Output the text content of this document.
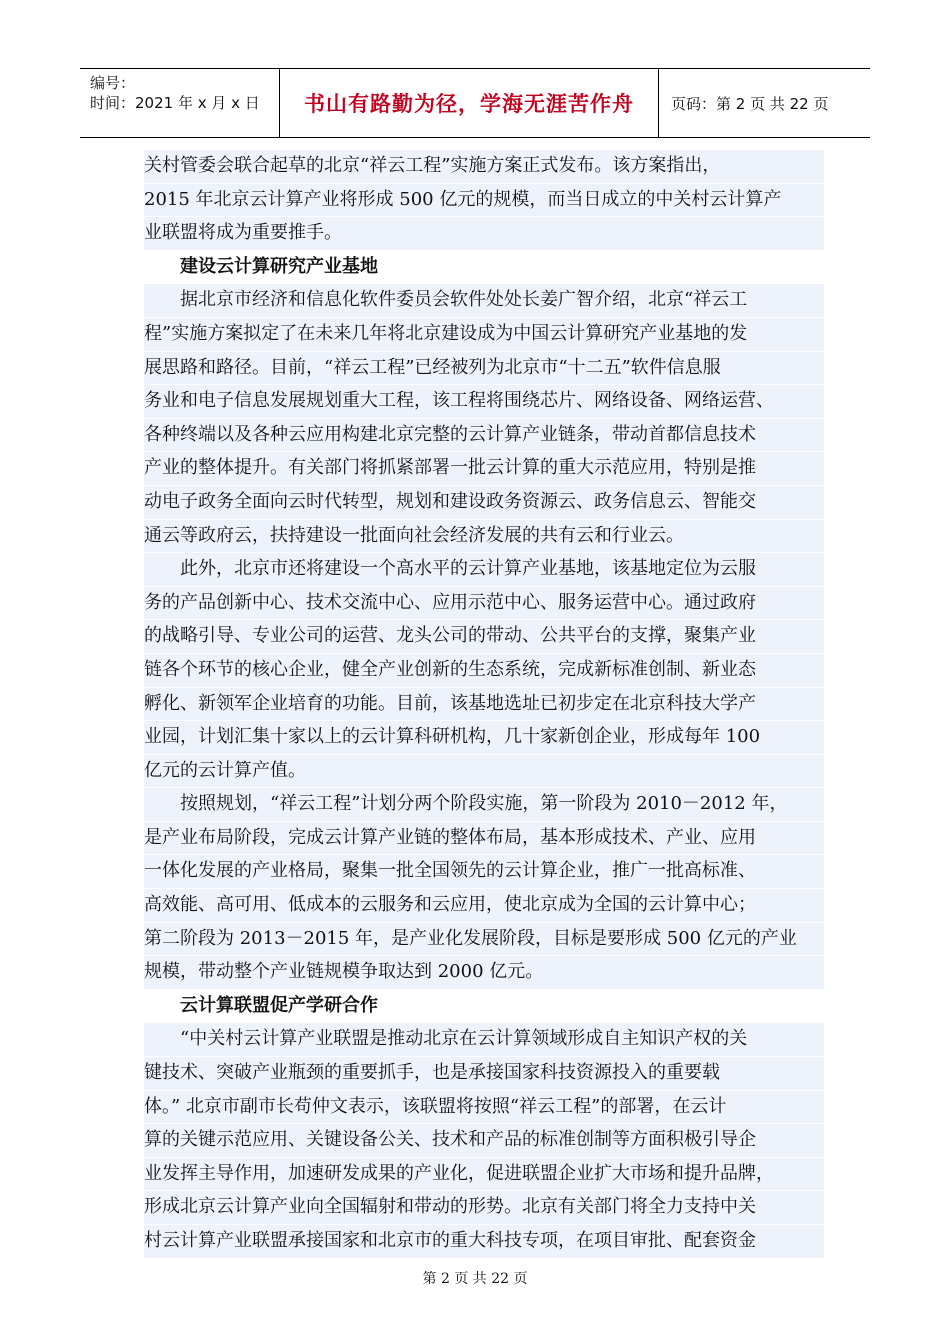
编号：
时间：2021 年 x 月 x 日	书山有路勤为径，学海无涯苦作舟	页码：第 2 页 共 22 页
关村管委会联合起草的北京“祥云工程”实施方案正式发布。该方案指出，
2015 年北京云计算产业将形成 500 亿元的规模，而当日成立的中关村云计算产
业联盟将成为重要推手。
建设云计算研究产业基地
据北京市经济和信息化软件委员会软件处处长姜广智介绍，北京“祥云工
程”实施方案拟定了在未来几年将北京建设成为中国云计算研究产业基地的发
展思路和路径。目前，“祥云工程”已经被列为北京市“十二五”软件信息服
务业和电子信息发展规划重大工程，该工程将围绕芯片、网络设备、网络运营、
各种终端以及各种云应用构建北京完整的云计算产业链条，带动首都信息技术
产业的整体提升。有关部门将抓紧部署一批云计算的重大示范应用，特别是推
动电子政务全面向云时代转型，规划和建设政务资源云、政务信息云、智能交
通云等政府云，扶持建设一批面向社会经济发展的共有云和行业云。
此外，北京市还将建设一个高水平的云计算产业基地，该基地定位为云服
务的产品创新中心、技术交流中心、应用示范中心、服务运营中心。通过政府
的战略引导、专业公司的运营、龙头公司的带动、公共平台的支撑，聚集产业
链各个环节的核心企业，健全产业创新的生态系统，完成新标准创制、新业态
孵化、新领军企业培育的功能。目前，该基地选址已初步定在北京科技大学产
业园，计划汇集十家以上的云计算科研机构，几十家新创企业，形成每年 100
亿元的云计算产值。
按照规划，“祥云工程”计划分两个阶段实施，第一阶段为 2010－2012 年，
是产业布局阶段，完成云计算产业链的整体布局，基本形成技术、产业、应用
一体化发展的产业格局，聚集一批全国领先的云计算企业，推广一批高标准、
高效能、高可用、低成本的云服务和云应用，使北京成为全国的云计算中心；
第二阶段为 2013－2015 年，是产业化发展阶段，目标是要形成 500 亿元的产业
规模，带动整个产业链规模争取达到 2000 亿元。
云计算联盟促产学研合作
“中关村云计算产业联盟是推动北京在云计算领域形成自主知识产权的关
键技术、突破产业瓶颈的重要抓手，也是承接国家科技资源投入的重要载
体。” 北京市副市长苟仲文表示，该联盟将按照“祥云工程”的部署，在云计
算的关键示范应用、关键设备公关、技术和产品的标准创制等方面积极引导企
业发挥主导作用，加速研发成果的产业化，促进联盟企业扩大市场和提升品牌，
形成北京云计算产业向全国辐射和带动的形势。北京有关部门将全力支持中关
村云计算产业联盟承接国家和北京市的重大科技专项，在项目审批、配套资金
第 2 页 共 22 页
